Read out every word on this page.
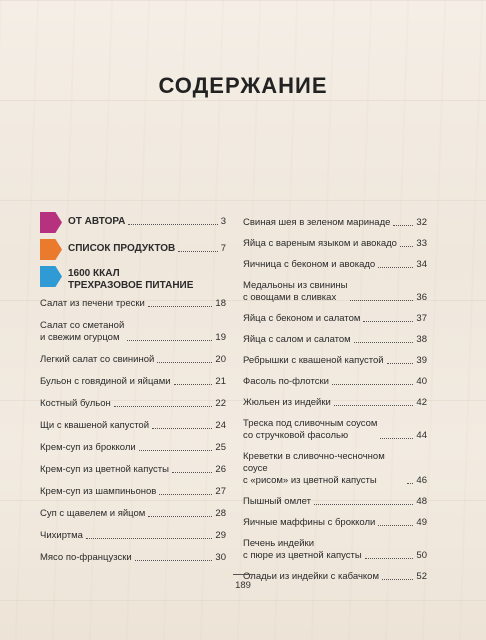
СОДЕРЖАНИЕ
ОТ АВТОРА	3
СПИСОК ПРОДУКТОВ	7
1600 ККАЛ
ТРЕХРАЗОВОЕ ПИТАНИЕ
Салат из печени трески	18
Салат со сметаной
и свежим огурцом	19
Легкий салат со свининой	20
Бульон с говядиной и яйцами	21
Костный бульон	22
Щи с квашеной капустой	24
Крем-суп из брокколи	25
Крем-суп из цветной капусты	26
Крем-суп из шампиньонов	27
Суп с щавелем и яйцом	28
Чихиртма	29
Мясо по-французски	30
Свиная шея в зеленом маринаде	32
Яйца с вареным языком и авокадо 33
Яичница с беконом и авокадо	34
Медальоны из свинины
с овощами в сливках	36
Яйца с беконом и салатом	37
Яйца с салом и салатом	38
Ребрышки с квашеной капустой	39
Фасоль по-флотски	40
Жюльен из индейки	42
Треска под сливочным соусом
со стручковой фасолью	44
Креветки в сливочно-чесночном соусе
с «рисом» из цветной капусты	46
Пышный омлет	48
Яичные маффины с брокколи	49
Печень индейки
с пюре из цветной капусты	50
Оладьи из индейки с кабачком	52
189
